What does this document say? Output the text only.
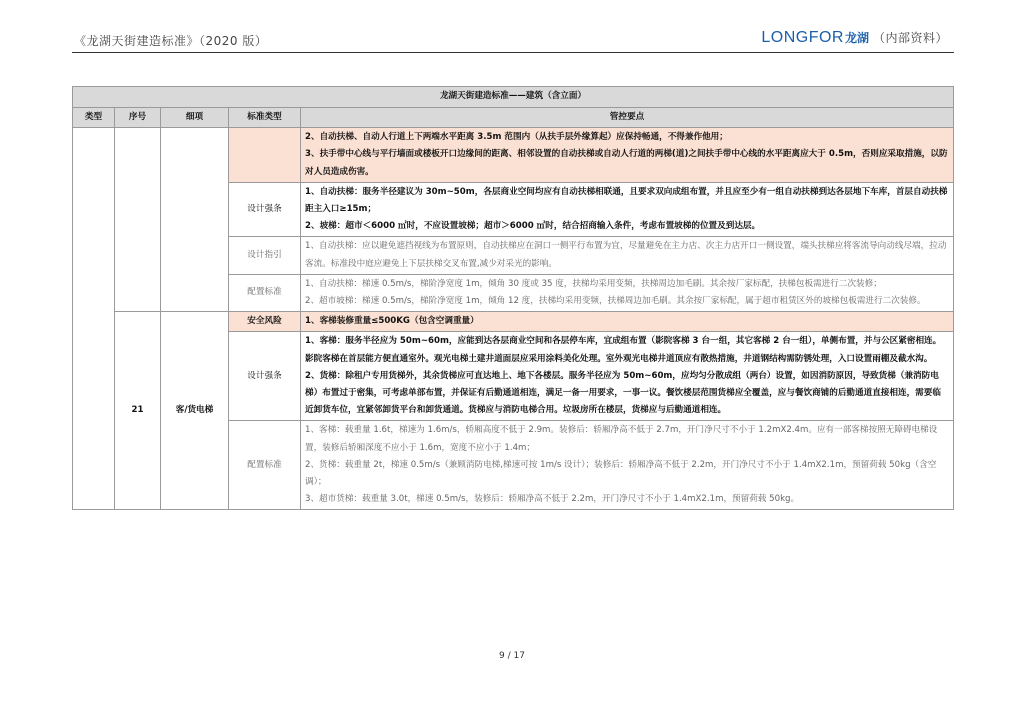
《龙湖天街建造标准》（2020 版）	LONGFOR 龙湖 （内部资料）
龙湖天街建造标准——建筑（含立面）				
类型	序号	细项	标准类型	管控要点

				2、自动扶梯、自动人行道上下两端水平距离 3.5m 范围内（从扶手层外缘算起）应保持畅通，不得兼作他用；
3、扶手带中心线与平行墙面或楼板开口边缘间的距离、相邻设置的自动扶梯或自动人行道的两梯(道)之间扶手带中心线的水平距离应大于 0.5m，否则应采取措施，以防对人员造成伤害。

			设计强条	1、自动扶梯：服务半径建议为 30m~50m，各层商业空间均应有自动扶梯相联通，且要求双向成组布置，并且应至少有一组自动扶梯到达各层地下车库，首层自动扶梯距主入口≥15m；
2、坡梯：超市＜6000 ㎡时，不应设置坡梯；超市＞6000 ㎡时，结合招商输入条件，考虑布置坡梯的位置及到达层。

			设计指引	1、自动扶梯：应以避免遮挡视线为布置原则，自动扶梯应在洞口一侧平行布置为宜，尽量避免在主力店、次主力店开口一侧设置，端头扶梯应将客流导向动线尽端，拉动客流。标准段中庭应避免上下层扶梯交叉布置,减少对采光的影响。

			配置标准	1、自动扶梯：梯速 0.5m/s，梯阶净宽度 1m，倾角 30 度或 35 度，扶梯均采用变频，扶梯周边加毛刷。其余按厂家标配，扶梯包板需进行二次装修；
2、超市坡梯：梯速 0.5m/s，梯阶净宽度 1m，倾角 12 度，扶梯均采用变频，扶梯周边加毛刷。其余按厂家标配，属于超市租赁区外的坡梯包板需进行二次装修。

	21	客/货电梯	安全风险	1、客梯装修重量≤500KG（包含空调重量）

			设计强条	1、客梯：服务半径应为 50m~60m，应能到达各层商业空间和各层停车库，宜成组布置（影院客梯 3 台一组，其它客梯 2 台一组），单侧布置，并与公区紧密相连。影院客梯在首层能方便直通室外。观光电梯土建井道面层应采用涂料美化处理。室外观光电梯井道顶应有散热措施，井道钢结构需防锈处理，入口设置雨棚及截水沟。
2、货梯：除租户专用货梯外，其余货梯应可直达地上、地下各楼层。服务半径应为 50m~60m，应均匀分散成组（两台）设置，如因消防原因，导致货梯（兼消防电梯）布置过于密集，可考虑单部布置，并保证有后勤通道相连，满足一备一用要求，一事一议。餐饮楼层范围货梯应全覆盖，应与餐饮商铺的后勤通道直接相连，需要临近卸货车位，宜紧邻卸货平台和卸货通道。货梯应与消防电梯合用。垃圾房所在楼层，货梯应与后勤通道相连。

			配置标准	1、客梯：载重量 1.6t，梯速为 1.6m/s，轿厢高度不低于 2.9m。装修后：轿厢净高不低于 2.7m，开门净尺寸不小于 1.2mX2.4m。应有一部客梯按照无障碍电梯设置，装修后轿厢深度不应小于 1.6m，宽度不应小于 1.4m；
2、货梯：载重量 2t，梯速 0.5m/s（兼顾消防电梯,梯速可按 1m/s 设计）；装修后：轿厢净高不低于 2.2m，开门净尺寸不小于 1.4mX2.1m，预留荷载 50kg（含空调）；
3、超市货梯：载重量 3.0t，梯速 0.5m/s，装修后：轿厢净高不低于 2.2m，开门净尺寸不小于 1.4mX2.1m，预留荷载 50kg。
9 / 17
